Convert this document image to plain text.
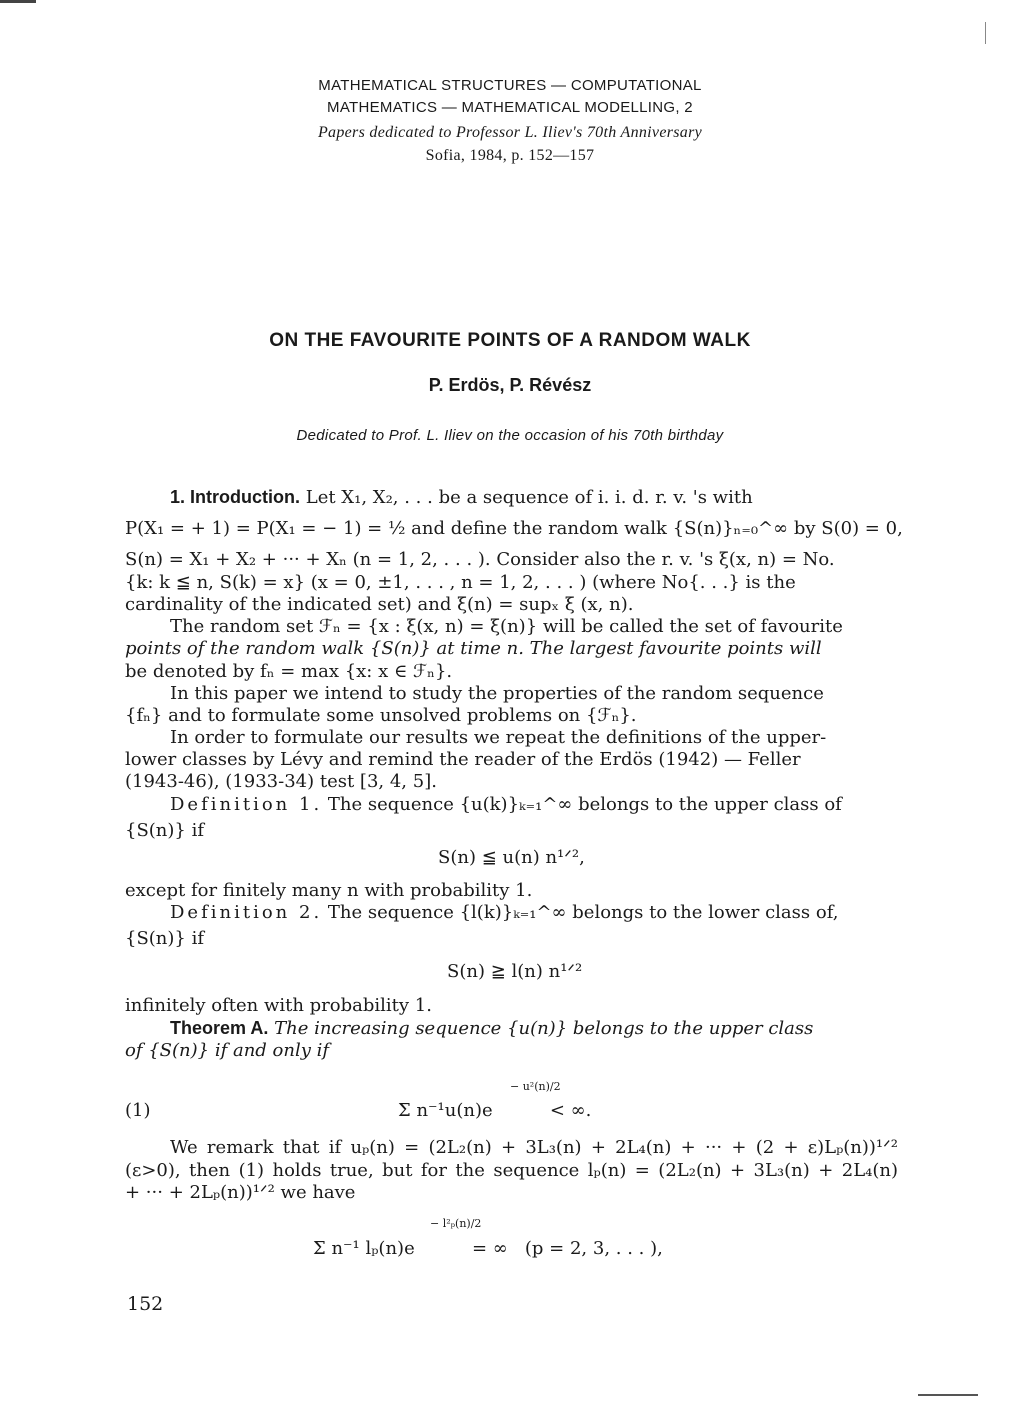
MATHEMATICAL STRUCTURES — COMPUTATIONAL
MATHEMATICS — MATHEMATICAL MODELLING, 2
Papers dedicated to Professor L. Iliev's 70th Anniversary
Sofia, 1984, p. 152—157
ON THE FAVOURITE POINTS OF A RANDOM WALK
P. Erdös, P. Révész
Dedicated to Prof. L. Iliev on the occasion of his 70th birthday
1. Introduction. Let X₁, X₂, . . . be a sequence of i. i. d. r. v. 's with
P(X₁ = + 1) = P(X₁ = − 1) = ½ and define the random walk {S(n)}ₙ₌₀^∞ by S(0) = 0,
S(n) = X₁ + X₂ + ··· + Xₙ (n = 1, 2, . . . ). Consider also the r. v. 's ξ(x, n) = No.
{k: k ≦ n, S(k) = x} (x = 0, ±1, . . . , n = 1, 2, . . . ) (where No{. . .} is the
cardinality of the indicated set) and ξ(n) = supₓ ξ (x, n).
The random set ℱₙ = {x : ξ(x, n) = ξ(n)} will be called the set of favourite
points of the random walk {S(n)} at time n. The largest favourite points will
be denoted by fₙ = max {x: x ∈ ℱₙ}.
In this paper we intend to study the properties of the random sequence
{fₙ} and to formulate some unsolved problems on {ℱₙ}.
In order to formulate our results we repeat the definitions of the upper-
lower classes by Lévy and remind the reader of the Erdös (1942) — Feller
(1943-46), (1933-34) test [3, 4, 5].
Definition 1. The sequence {u(k)}ₖ₌₁^∞ belongs to the upper class of
{S(n)} if
S(n) ≦ u(n) n¹ᐟ²,
except for finitely many n with probability 1.
Definition 2. The sequence {l(k)}ₖ₌₁^∞ belongs to the lower class of,
{S(n)} if
S(n) ≧ l(n) n¹ᐟ²
infinitely often with probability 1.
Theorem A. The increasing sequence {u(n)} belongs to the upper class
of {S(n)} if and only if
− u²(n)/2
(1)	Σ n⁻¹u(n)e          < ∞.
We remark that if uₚ(n) = (2L₂(n) + 3L₃(n) + 2L₄(n) + ··· + (2 + ε)Lₚ(n))¹ᐟ²
(ε>0), then (1) holds true, but for the sequence lₚ(n) = (2L₂(n) + 3L₃(n) + 2L₄(n)
+ ··· + 2Lₚ(n))¹ᐟ² we have
− l²ₚ(n)/2
Σ n⁻¹ lₚ(n)e          = ∞   (p = 2, 3, . . . ),
152
